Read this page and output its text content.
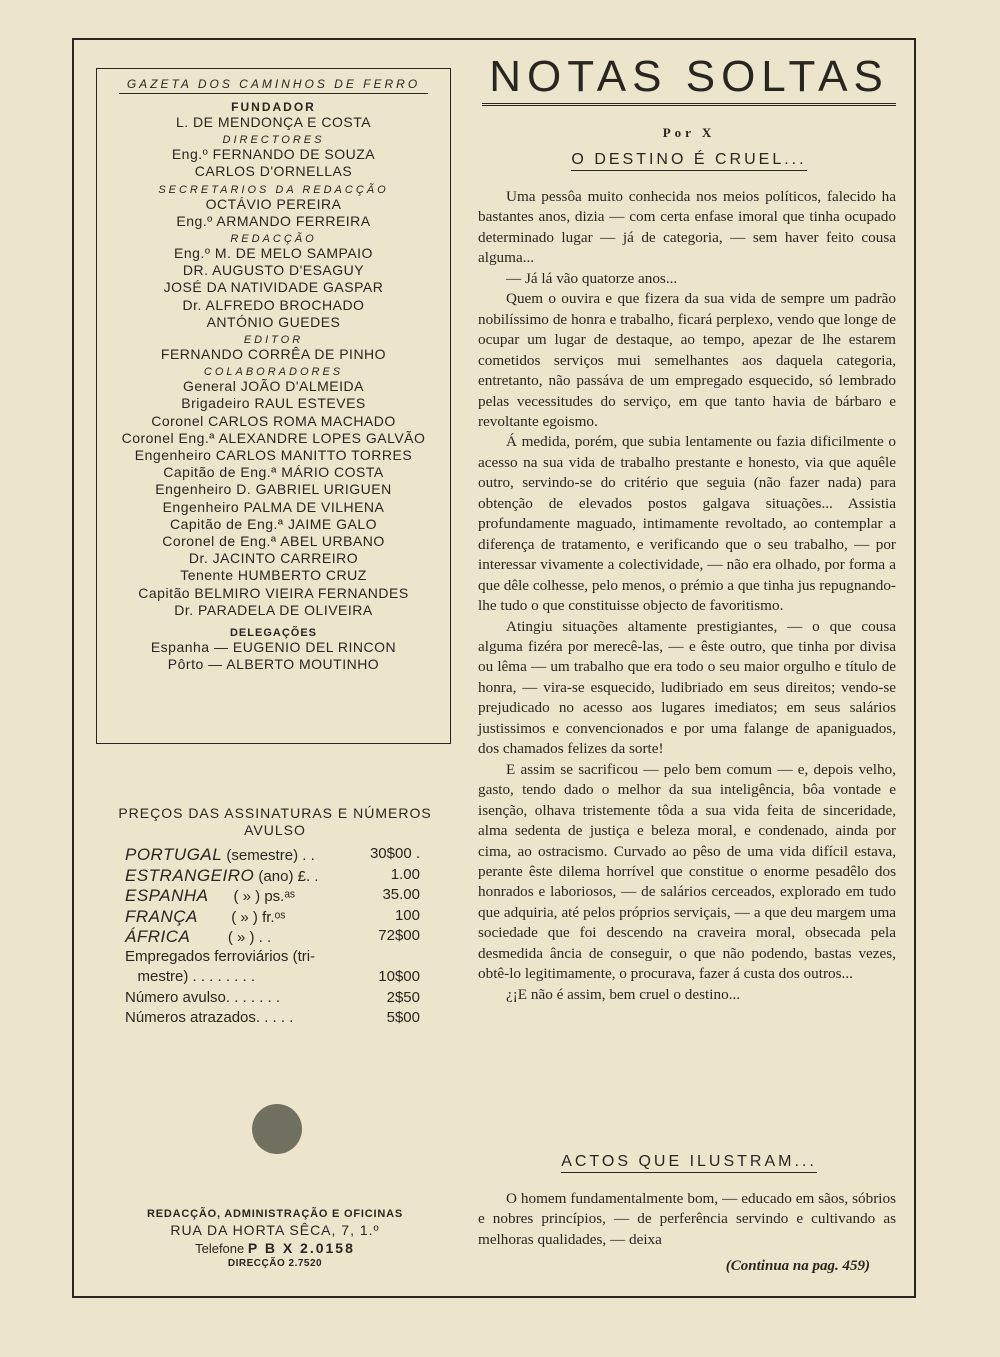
GAZETA DOS CAMINHOS DE FERRO
FUNDADOR
L. DE MENDONÇA E COSTA
DIRECTORES
Eng.º FERNANDO DE SOUZA
CARLOS D'ORNELLAS
SECRETARIOS DA REDACÇÃO
OCTÁVIO PEREIRA
Eng.º ARMANDO FERREIRA
REDACÇÃO
Eng.º M. DE MELO SAMPAIO
DR. AUGUSTO D'ESAGUY
JOSÉ DA NATIVIDADE GASPAR
Dr. ALFREDO BROCHADO
ANTÓNIO GUEDES
EDITOR
FERNANDO CORRÊA DE PINHO
COLABORADORES
General JOÃO D'ALMEIDA
Brigadeiro RAUL ESTEVES
Coronel CARLOS ROMA MACHADO
Coronel Eng.ª ALEXANDRE LOPES GALVÃO
Engenheiro CARLOS MANITTO TORRES
Capitão de Eng.ª MÁRIO COSTA
Engenheiro D. GABRIEL URIGUEN
Engenheiro PALMA DE VILHENA
Capitão de Eng.ª JAIME GALO
Coronel de Eng.ª ABEL URBANO
Dr. JACINTO CARREIRO
Tenente HUMBERTO CRUZ
Capitão BELMIRO VIEIRA FERNANDES
Dr. PARADELA DE OLIVEIRA
DELEGAÇÕES
Espanha — EUGENIO DEL RINCON
Pôrto — ALBERTO MOUTINHO
PREÇOS DAS ASSINATURAS E NÚMEROS
AVULSO
PORTUGAL (semestre) . .	30$00 .
ESTRANGEIRO (ano) £. .	1.00
ESPANHA      ( » ) ps.ᵃˢ	35.00
FRANÇA        ( » ) fr.ᵒˢ	100
ÁFRICA         ( » ) . .	72$00
Empregados ferroviários (tri-
mestre) . . . . . . . .	10$00
Número avulso. . . . . . .	2$50
Números atrazados. . . . .	5$00
REDACÇÃO, ADMINISTRAÇÃO E OFICINAS
RUA DA HORTA SÊCA, 7, 1.º
Telefone P B X 2.0158
DIRECÇÃO 2.7520
NOTAS SOLTAS
Por X
O DESTINO É CRUEL...

Uma pessôa muito conhecida nos meios políticos, falecido ha bastantes anos, dizia — com certa enfase imoral que tinha ocupado determinado lugar — já de categoria, — sem haver feito cousa alguma...

— Já lá vão quatorze anos...

Quem o ouvira e que fizera da sua vida de sempre um padrão nobilíssimo de honra e trabalho, ficará perplexo, vendo que longe de ocupar um lugar de destaque, ao tempo, apezar de lhe estarem cometidos serviços mui semelhantes aos daquela categoria, entretanto, não passáva de um empregado esquecido, só lembrado pelas vecessitudes do serviço, em que tanto havia de bárbaro e revoltante egoismo.

Á medida, porém, que subia lentamente ou fazia dificilmente o acesso na sua vida de trabalho prestante e honesto, via que aquêle outro, servindo-se do critério que seguia (não fazer nada) para obtenção de elevados postos galgava situações... Assistia profundamente maguado, intimamente revoltado, ao contemplar a diferença de tratamento, e verificando que o seu trabalho, — por interessar vivamente a colectividade, — não era olhado, por forma a que dêle colhesse, pelo menos, o prémio a que tinha jus repugnando-lhe tudo o que constituisse objecto de favoritismo.

Atingiu situações altamente prestigiantes, — o que cousa alguma fizéra por merecê-las, — e êste outro, que tinha por divisa ou lêma — um trabalho que era todo o seu maior orgulho e título de honra, — vira-se esquecido, ludibriado em seus direitos; vendo-se prejudicado no acesso aos lugares imediatos; em seus salários justissimos e convencionados e por uma falange de apaniguados, dos chamados felizes da sorte!

E assim se sacrificou — pelo bem comum — e, depois velho, gasto, tendo dado o melhor da sua inteligência, bôa vontade e isenção, olhava tristemente tôda a sua vida feita de sinceridade, alma sedenta de justiça e beleza moral, e condenado, ainda por cima, ao ostracismo. Curvado ao pêso de uma vida difícil estava, perante êste dilema horrível que constitue o enorme pesadêlo dos honrados e laboriosos, — de salários cerceados, explorado em tudo que adquiria, até pelos próprios serviçais, — a que deu margem uma sociedade que foi descendo na craveira moral, obsecada pela desmedida ância de conseguir, o que não podendo, bastas vezes, obtê-lo legitimamente, o procurava, fazer á custa dos outros...

¿¡E não é assim, bem cruel o destino...

ACTOS QUE ILUSTRAM...

O homem fundamentalmente bom, — educado em sãos, sóbrios e nobres princípios, — de perferência servindo e cultivando as melhoras qualidades, — deixa

(Continua na pag. 459)
